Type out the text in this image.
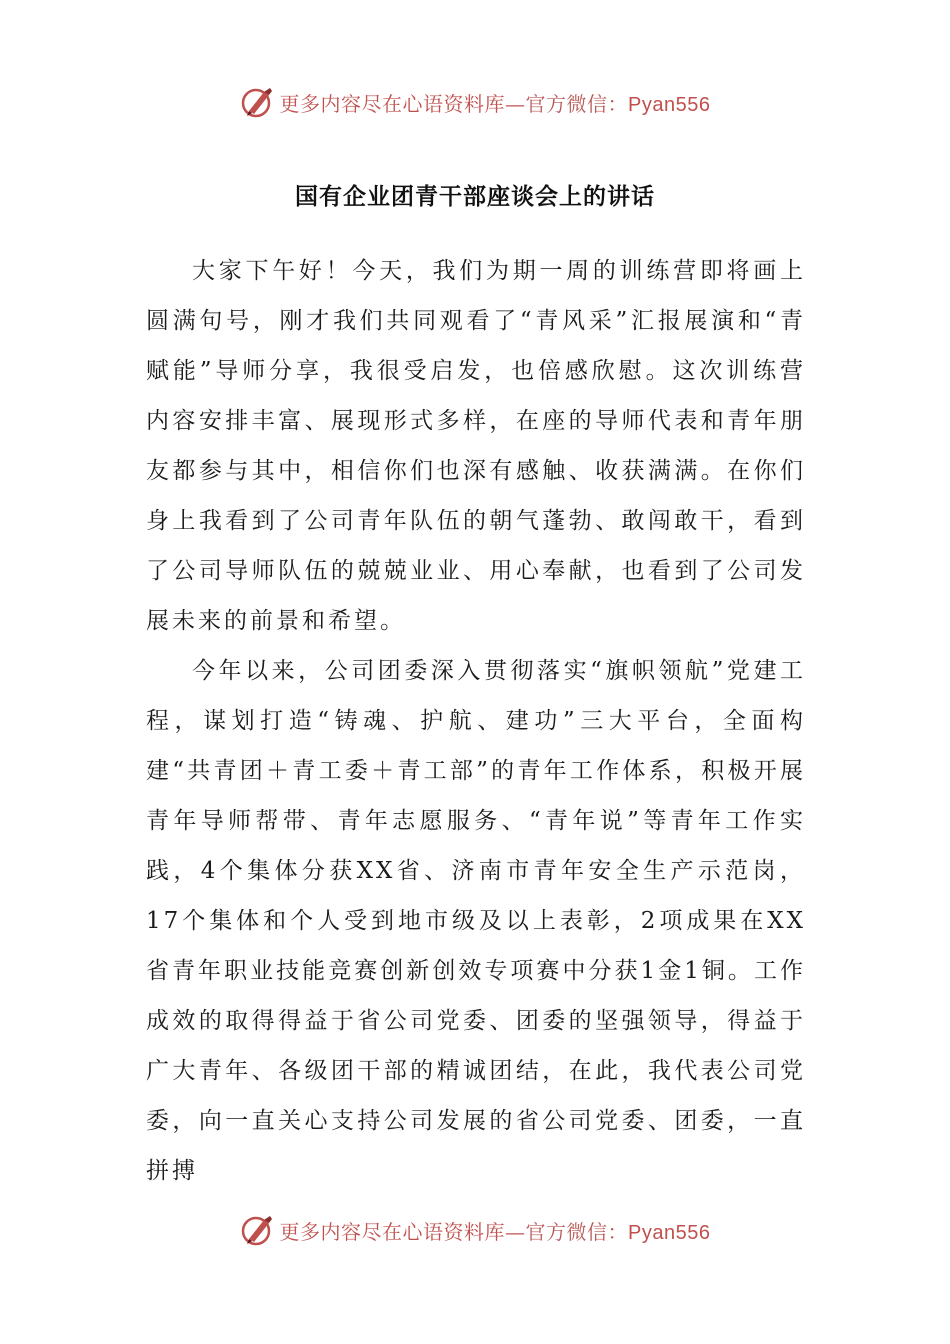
更多内容尽在心语资料库—官方微信：Pyan556
国有企业团青干部座谈会上的讲话

大家下午好！今天，我们为期一周的训练营即将画上圆满句号，刚才我们共同观看了“青风采”汇报展演和“青赋能”导师分享，我很受启发，也倍感欣慰。这次训练营内容安排丰富、展现形式多样，在座的导师代表和青年朋友都参与其中，相信你们也深有感触、收获满满。在你们身上我看到了公司青年队伍的朝气蓬勃、敢闯敢干，看到了公司导师队伍的兢兢业业、用心奉献，也看到了公司发展未来的前景和希望。

今年以来，公司团委深入贯彻落实“旗帜领航”党建工程，谋划打造“铸魂、护航、建功”三大平台，全面构建“共青团＋青工委＋青工部”的青年工作体系，积极开展青年导师帮带、青年志愿服务、“青年说”等青年工作实践，4个集体分获XX省、济南市青年安全生产示范岗，17个集体和个人受到地市级及以上表彰，2项成果在XX省青年职业技能竞赛创新创效专项赛中分获1金1铜。工作成效的取得得益于省公司党委、团委的坚强领导，得益于广大青年、各级团干部的精诚团结，在此，我代表公司党委，向一直关心支持公司发展的省公司党委、团委，一直拼搏

更多内容尽在心语资料库—官方微信：Pyan556
